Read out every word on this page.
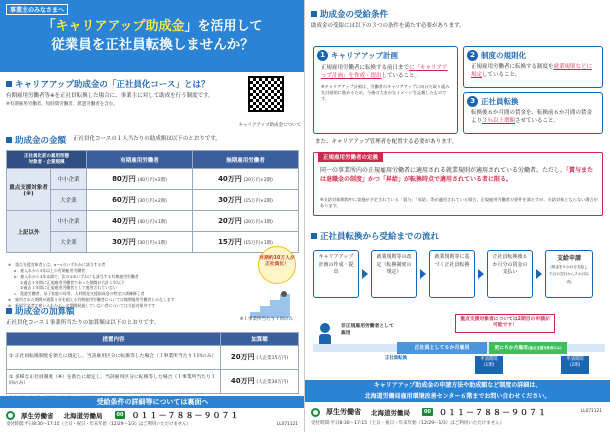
事業主のみなさまへ
「キャリアアップ助成金」を活用して
従業員を正社員転換しませんか？
キャリアアップ助成金の「正社員化コース」とは？
有期雇用労働者等※を正社員転換した場合に、事業主に対して助成を行う制度です。
※有期雇用労働者、短時間労働者、派遣労働者を含む。
キャリアアップ助成金について
助成金の金額 正社員化コースの１人当たりの助成額は以下のとおりです。
正社員化前の雇用形態
対象者・企業規模		有期雇用労働者	無期雇用労働者
重点支援対象者(※)	中小企業	80万円 (40万円×2期)	40万円 (20万円×2期)
	大企業	60万円 (30万円×2期)	30万円 (15万円×2期)
上記以外	中小企業	40万円 (40万円×1期)	20万円 (20万円×1期)
	大企業	30万円 (30万円×1期)	15万円 (15万円×1期)
※　重点支援対象者とは、a～cのいずれかに該当する者
a：雇入れから3年以上の有期雇用労働者
b：雇入れから3年未満で、次の①②いずれにも該当する有期雇用労働者
①過去５年間に正規雇用労働者であった期間が合計１年以下
②過去１年間に正規雇用労働者として雇用されていない
c：派遣労働者、母子家庭の母等、人材開発支援助成金の特定の訓練修了者
※　雇用された期間が通算５年を超える有期雇用労働者については無期雇用労働者とみなします
※　新規学卒者で雇い入れから一定期間経過していない者については支給対象外です
有期約10万人が正社員化！
助成金の加算額
正社員化コース１事業所当たりの加算額は以下のとおりです。
※１事業所当たり１回のみ
措置内容	加算額
① 正社員転換制度を新たに規定し、当該雇用区分に転換等した場合（１事業所当たり１回のみ）	20万円 (大企業15万円)
② 多様な正社員制度（※）を新たに規定し、当該雇用区分に転換等した場合（１事業所当たり１回のみ）	40万円 (大企業30万円)
受給条件の詳細等については裏面へ
厚生労働省 北海道労働局	00 ０１１－７８８－９０７１
受付時間:平日8:30～17:15（土日・祝日・年末年始（12/29～1/3）はご利用いただけません）	LL071121
助成金の受給条件
助成金の受給には以下の３つの条件を満たす必要があります。
1 キャリアアップ計画
正規雇用労働者に転換する前日までに「キャリアアップ計画」を作成・提出していること。
※キャリアアップ計画は、労働者のキャリアアップに向けた取り組みを計画的に進めるため、今後の大まかなイメージを記載したものです。
2 制度の規則化
正規雇用労働者に転換する制度を就業規則などに規定していること。
3 正社員転換
転換後６か月間の賃金を、転換前６か月間の賃金より３％以上増額させていること。
また、キャリアアップ管理者を配置する必要があります。
正規雇用労働者の定義
同一の事業所内の正規雇用労働者に適用される就業規則が適用されている労働者。ただし、「賞与または退職金の制度」かつ「昇給」が転換時点で適用されている者に限る。
※支給対象期間中に実施が予定されている「賞与」「昇給」等が適用されている場合、正規雇用労働者の要件を満たすが、支給対象とならない場合があります。
正社員転換から受給までの流れ
キャリアアップ計画の作成・提出
就業規則等の改定（転換制度の規定）
就業規則等に基づく正社員転換
正社員転換後６か月分の賃金の支払い
支給申請
(賃金を６か月分支給した日の翌日から２か月以内)
非正規雇用労働者として雇用
正社員として６か月雇用	更に６か月雇用(重点支援対象者のみ)
重点支援対象者については2期目の申請が可能です！
正社員転換	申請期間
(1期)
申請期間
(2期)
キャリアアップ助成金の申請方法や助成額など制度の詳細は、
北海道労働局雇用環境改善センター６階までお問い合わせください。
厚生労働省 北海道労働局	00 ０１１－７８８－９０７１
受付時間:平日8:30～17:15（土日・祝日・年末年始（12/29～1/3）はご利用いただけません）
LL071121
